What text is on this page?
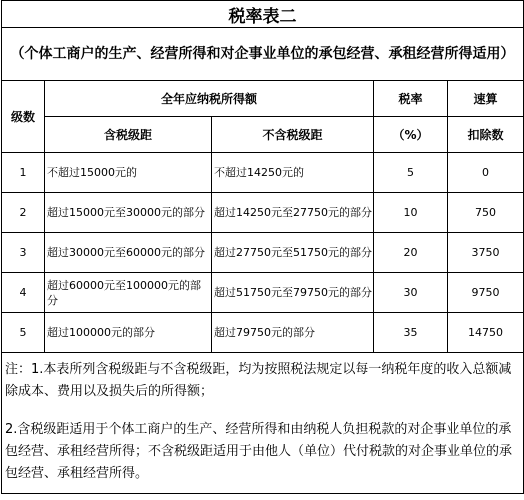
税率表二				
（个体工商户的生产、经营所得和对企事业单位的承包经营、承租经营所得适用）				
级数	全年应纳税所得额		税率	速算
	含税级距	不含税级距	（%）	扣除数
1	不超过15000元的	不超过14250元的	5	0
2	超过15000元至30000元的部分	超过14250元至27750元的部分	10	750
3	超过30000元至60000元的部分	超过27750元至51750元的部分	20	3750
4	超过60000元至100000元的部分	超过51750元至79750元的部分	30	9750
5	超过100000元的部分	超过79750元的部分	35	14750

注：1.本表所列含税级距与不含税级距，均为按照税法规定以每一纳税年度的收入总额减除成本、费用以及损失后的所得额；
2.含税级距适用于个体工商户的生产、经营所得和由纳税人负担税款的对企事业单位的承包经营、承租经营所得；不含税级距适用于由他人（单位）代付税款的对企事业单位的承包经营、承租经营所得。				
